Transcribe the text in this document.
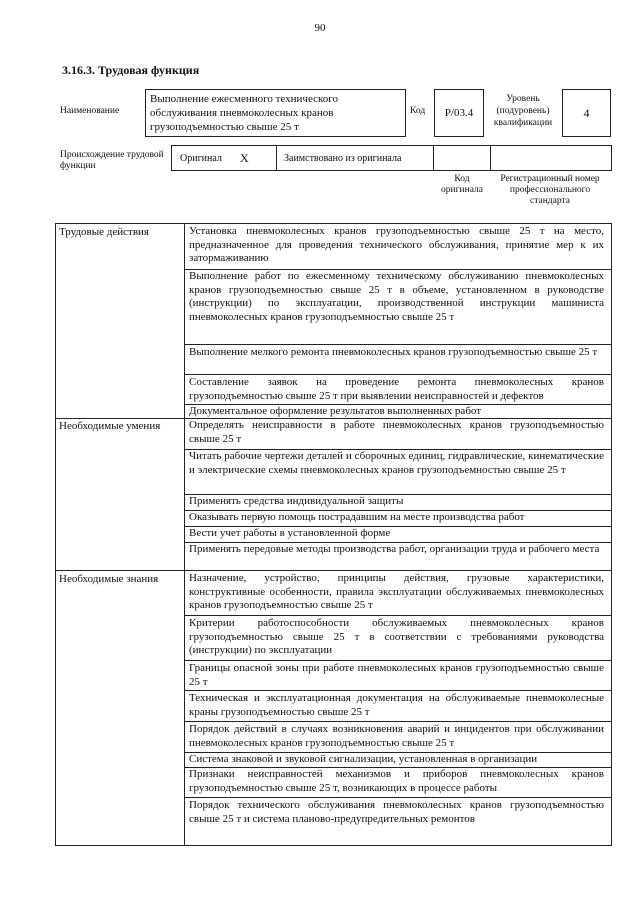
90
3.16.3. Трудовая функция
Наименование
Выполнение ежесменного технического обслуживания пневмоколесных кранов грузоподъемностью свыше 25 т
Код	Р/03.4
Уровень (подуровень) квалификации
4
Происхождение трудовой функции
Оригинал X	Заимствовано из оригинала
Код оригинала
Регистрационный номер профессионального стандарта
Трудовые действия	Установка пневмоколесных кранов грузоподъемностью свыше 25 т на место, предназначенное для проведения технического обслуживания, принятие мер к их затормаживанию
Выполнение работ по ежесменному техническому обслуживанию пневмоколесных кранов грузоподъемностью свыше 25 т в объеме, установленном в руководстве (инструкции) по эксплуатации, производственной инструкции машиниста пневмоколесных кранов грузоподъемностью свыше 25 т
Выполнение мелкого ремонта пневмоколесных кранов грузоподъемностью свыше 25 т
Составление заявок на проведение ремонта пневмоколесных кранов грузоподъемностью свыше 25 т при выявлении неисправностей и дефектов
Документальное оформление результатов выполненных работ
Необходимые умения	Определять неисправности в работе пневмоколесных кранов грузоподъемностью свыше 25 т
Читать рабочие чертежи деталей и сборочных единиц, гидравлические, кинематические и электрические схемы пневмоколесных кранов грузоподъемностью свыше 25 т
Применять средства индивидуальной защиты
Оказывать первую помощь пострадавшим на месте производства работ
Вести учет работы в установленной форме
Применять передовые методы производства работ, организации труда и рабочего места
Необходимые знания	Назначение, устройство, принципы действия, грузовые характеристики, конструктивные особенности, правила эксплуатации обслуживаемых пневмоколесных кранов грузоподъемностью свыше 25 т
Критерии работоспособности обслуживаемых пневмоколесных кранов грузоподъемностью свыше 25 т в соответствии с требованиями руководства (инструкции) по эксплуатации
Границы опасной зоны при работе пневмоколесных кранов грузоподъемностью свыше 25 т
Техническая и эксплуатационная документация на обслуживаемые пневмоколесные краны грузоподъемностью свыше 25 т
Порядок действий в случаях возникновения аварий и инцидентов при обслуживании пневмоколесных кранов грузоподъемностью свыше 25 т
Система знаковой и звуковой сигнализации, установленная в организации
Признаки неисправностей механизмов и приборов пневмоколесных кранов грузоподъемностью свыше 25 т, возникающих в процессе работы
Порядок технического обслуживания пневмоколесных кранов грузоподъемностью свыше 25 т и система планово-предупредительных ремонтов
